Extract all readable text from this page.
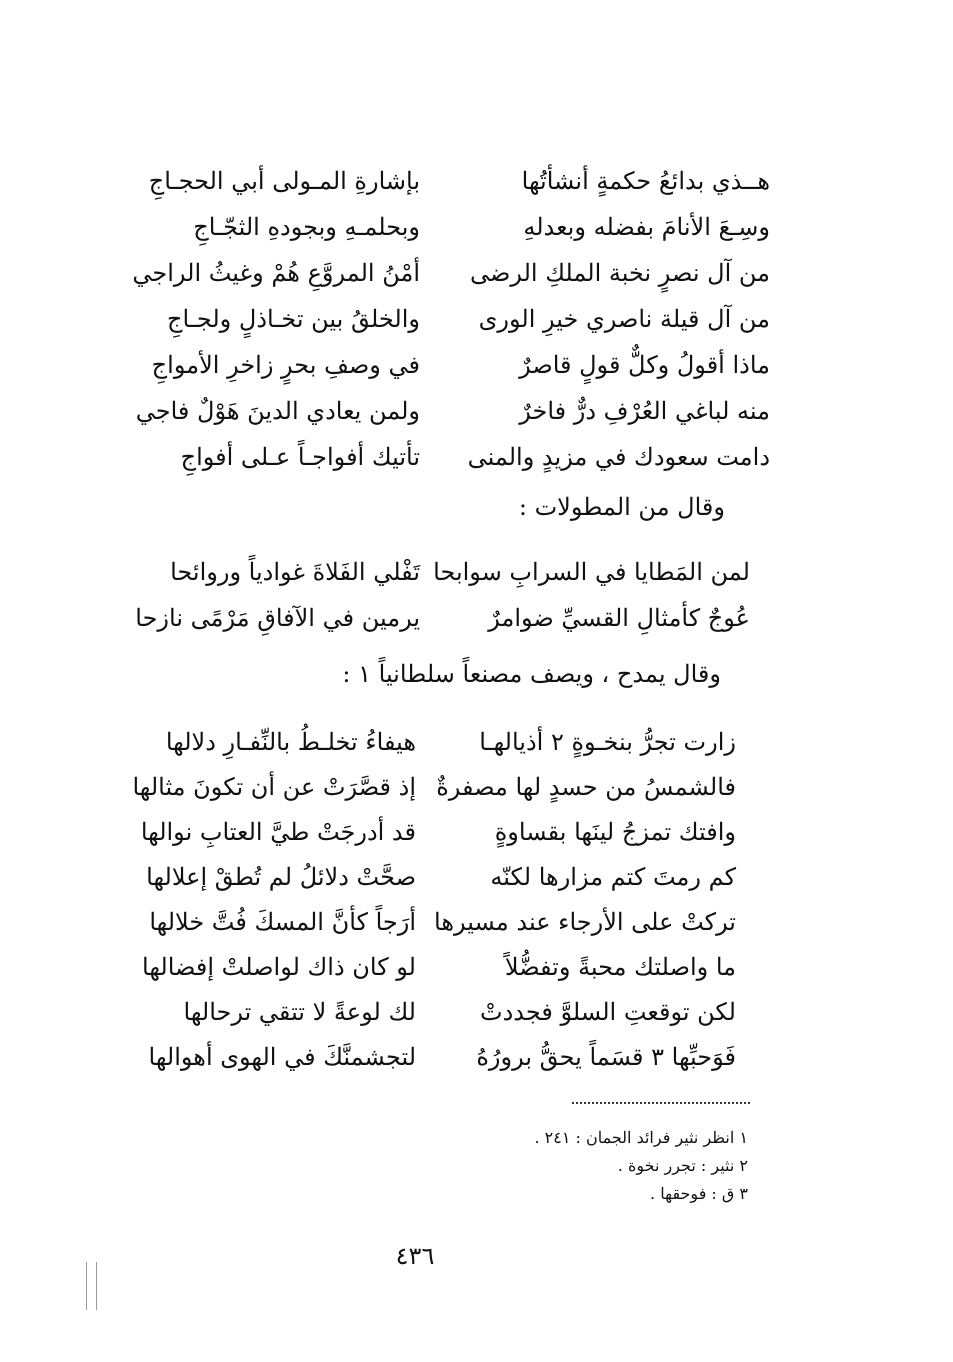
هــذي بدائعُ حكمةٍ أنشأتُها
بإشارةِ المـولى أبي الحجـاجِ
وسِـعَ الأنامَ بفضله وبعدلهِ
وبحلمـهِ وبجودهِ الثجّـاجِ
من آل نصرٍ نخبة الملكِ الرضى
أمْنُ المروَّعِ هُمْ وغيثُ الراجي
من آل قيلة ناصري خيرِ الورى
والخلقُ بين تخـاذلٍ ولجـاجِ
ماذا أقولُ وكلٌّ قولٍ قاصرٌ
في وصفِ بحرٍ زاخرِ الأمواجِ
منه لباغي العُرْفِ درٌّ فاخرٌ
ولمن يعادي الدينَ هَوْلٌ فاجي
دامت سعودك في مزيدٍ والمنى
تأتيك أفواجـاً عـلى أفواجِ
وقال من المطولات :
لمن المَطايا في السرابِ سوابحا
تَفْلي الفَلاةَ غوادياً وروائحا
عُوجٌ كأمثالِ القسيِّ ضوامرٌ
يرمين في الآفاقِ مَرْمًى نازحا
وقال يمدح ، ويصف مصنعاً سلطانياً ١ :
زارت تجرُّ بنخـوةٍ ٢ أذيالهـا
هيفاءُ تخلـطُ بالنِّفـارِ دلالها
فالشمسُ من حسدٍ لها مصفرةٌ
إذ قصَّرَتْ عن أن تكونَ مثالها
وافتك تمزجُ لينَها بقساوةٍ
قد أدرجَتْ طيَّ العتابِ نوالها
كم رمتَ كتم مزارها لكنّه
صحَّتْ دلائلُ لم تُطقْ إعلالها
تركتْ على الأرجاء عند مسيرها
أرَجاً كأنَّ المسكَ فُتَّ خلالها
ما واصلتك محبةً وتفضُّلاً
لو كان ذاك لواصلتْ إفضالها
لكن توقعتِ السلوَّ فجددتْ
لك لوعةً لا تتقي ترحالها
فَوَحبِّها ٣ قسَماً يحقُّ برورُهُ
لتجشمنَّكَ في الهوى أهوالها
١ انظر نثير فرائد الجمان : ٢٤١ .
٢ نثير : تجرر نخوة .
٣ ق : فوحقها .
٤٣٦
